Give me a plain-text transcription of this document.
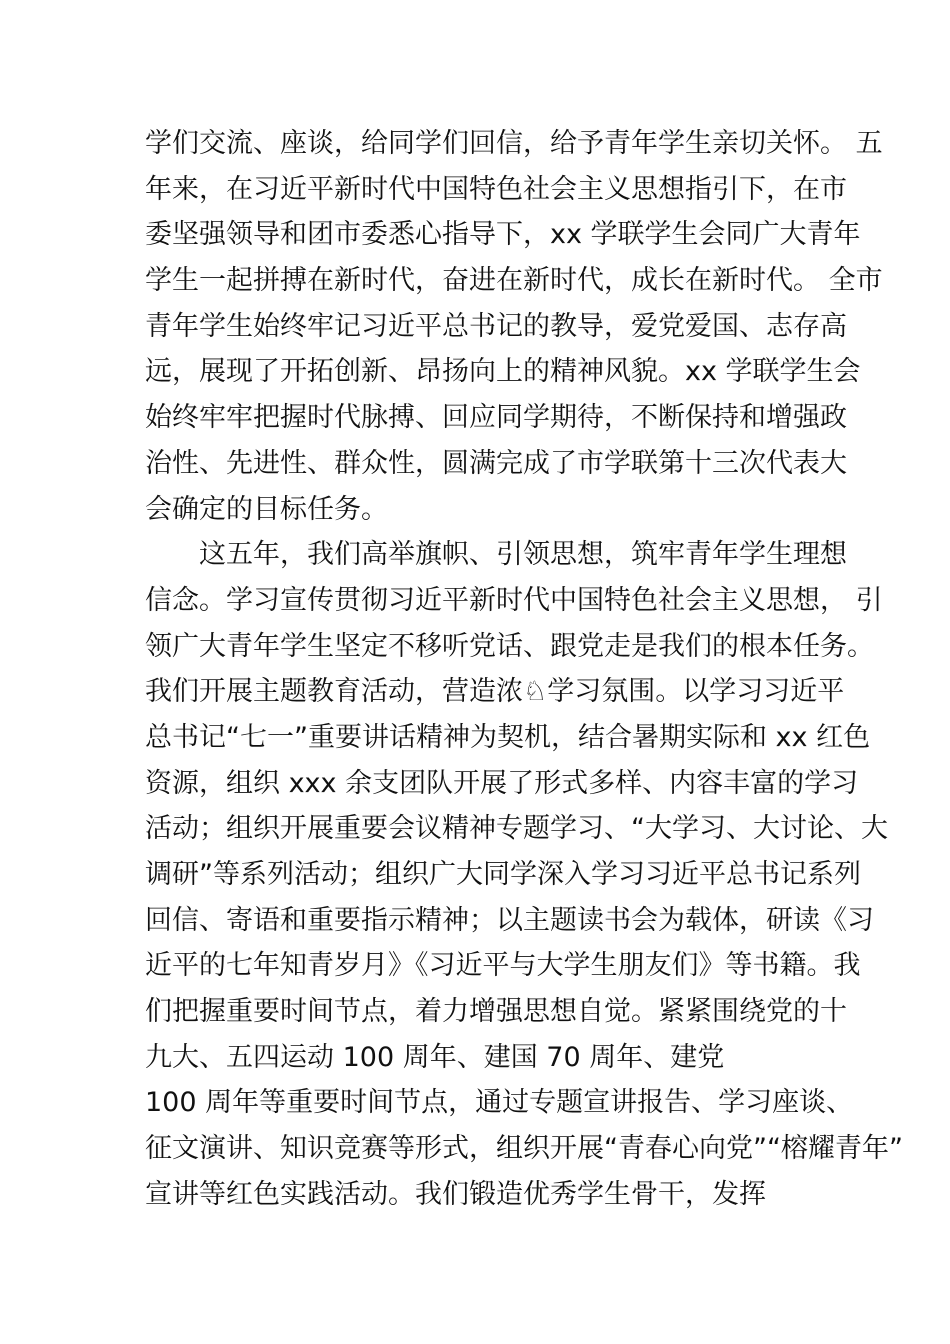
学们交流、座谈，给同学们回信，给予青年学生亲切关怀。 五
年来，在习近平新时代中国特色社会主义思想指引下，在市
委坚强领导和团市委悉心指导下，xx 学联学生会同广大青年
学生一起拼搏在新时代，奋进在新时代，成长在新时代。 全市
青年学生始终牢记习近平总书记的教导，爱党爱国、志存高
远，展现了开拓创新、昂扬向上的精神风貌。xx 学联学生会
始终牢牢把握时代脉搏、回应同学期待，不断保持和增强政
治性、先进性、群众性，圆满完成了市学联第十三次代表大
会确定的目标任务。
这五年，我们高举旗帜、引领思想，筑牢青年学生理想
信念。学习宣传贯彻习近平新时代中国特色社会主义思想， 引
领广大青年学生坚定不移听党话、跟党走是我们的根本任务。
我们开展主题教育活动，营造浓♘学习氛围。以学习习近平
总书记“七一”重要讲话精神为契机，结合暑期实际和 xx 红色
资源，组织 xxx 余支团队开展了形式多样、内容丰富的学习
活动；组织开展重要会议精神专题学习、“大学习、大讨论、大
调研”等系列活动；组织广大同学深入学习习近平总书记系列
回信、寄语和重要指示精神；以主题读书会为载体，研读《习
近平的七年知青岁月》《习近平与大学生朋友们》等书籍。我
们把握重要时间节点，着力增强思想自觉。紧紧围绕党的十
九大、五四运动 100 周年、建国 70 周年、建党
100 周年等重要时间节点，通过专题宣讲报告、学习座谈、
征文演讲、知识竞赛等形式，组织开展“青春心向党”“榕耀青年”
宣讲等红色实践活动。我们锻造优秀学生骨干，发挥
